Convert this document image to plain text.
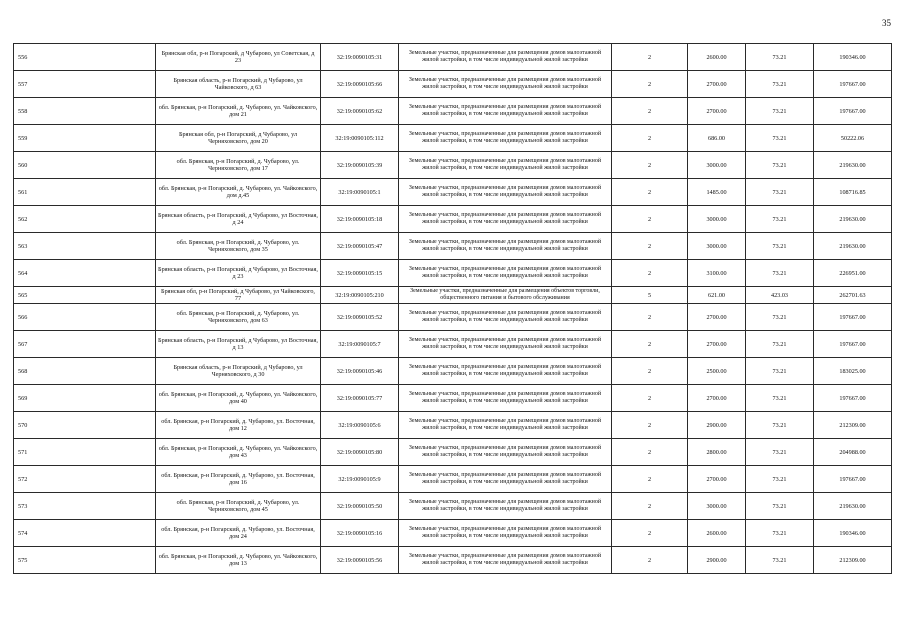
35
556	Брянская обл, р-н Погарский, д Чубарово, ул Советская, д 23	32:19:0090105:31	Земельные участки, предназначенные для размещения домов малоэтажной жилой застройки, в том числе индивидуальной жилой застройки	2	2600.00	73.21	190346.00
557	Брянская область, р-н Погарский, д Чубарово, ул Чайковского, д 63	32:19:0090105:66	Земельные участки, предназначенные для размещения домов малоэтажной жилой застройки, в том числе индивидуальной жилой застройки	2	2700.00	73.21	197667.00
558	обл. Брянская, р-н Погарский, д. Чубарово, ул. Чайковского, дом 21	32:19:0090105:62	Земельные участки, предназначенные для размещения домов малоэтажной жилой застройки, в том числе индивидуальной жилой застройки	2	2700.00	73.21	197667.00
559	Брянская обл, р-н Погарский, д Чубарово, ул Черняховского, дом 20	32:19:0090105:112	Земельные участки, предназначенные для размещения домов малоэтажной жилой застройки, в том числе индивидуальной жилой застройки	2	686.00	73.21	50222.06
560	обл. Брянская, р-н Погарский, д. Чубарово, ул. Черняховского, дом 17	32:19:0090105:39	Земельные участки, предназначенные для размещения домов малоэтажной жилой застройки, в том числе индивидуальной жилой застройки	2	3000.00	73.21	219630.00
561	обл. Брянская, р-н Погарский, д. Чубарово, ул. Чайковского, дом д.45	32:19:0090105:1	Земельные участки, предназначенные для размещения домов малоэтажной жилой застройки, в том числе индивидуальной жилой застройки	2	1485.00	73.21	108716.85
562	Брянская область, р-н Погарский, д Чубарово, ул Восточная, д 24	32:19:0090105:18	Земельные участки, предназначенные для размещения домов малоэтажной жилой застройки, в том числе индивидуальной жилой застройки	2	3000.00	73.21	219630.00
563	обл. Брянская, р-н Погарский, д. Чубарово, ул. Черняховского, дом 35	32:19:0090105:47	Земельные участки, предназначенные для размещения домов малоэтажной жилой застройки, в том числе индивидуальной жилой застройки	2	3000.00	73.21	219630.00
564	Брянская область, р-н Погарский, д Чубарово, ул Восточная, д 23	32:19:0090105:15	Земельные участки, предназначенные для размещения домов малоэтажной жилой застройки, в том числе индивидуальной жилой застройки	2	3100.00	73.21	226951.00
565	Брянская обл, р-н Погарский, д Чубарово, ул Чайковского, 77	32:19:0090105:210	Земельные участки, предназначенные для размещения объектов торговли, общественного питания и бытового обслуживания	5	621.00	423.03	262701.63
566	обл. Брянская, р-н Погарский, д. Чубарово, ул. Черняховского, дом 63	32:19:0090105:52	Земельные участки, предназначенные для размещения домов малоэтажной жилой застройки, в том числе индивидуальной жилой застройки	2	2700.00	73.21	197667.00
567	Брянская область, р-н Погарский, д Чубарово, ул Восточная, д 13	32:19:0090105:7	Земельные участки, предназначенные для размещения домов малоэтажной жилой застройки, в том числе индивидуальной жилой застройки	2	2700.00	73.21	197667.00
568	Брянская область, р-н Погарский, д Чубарово, ул Черняховского, д 30	32:19:0090105:46	Земельные участки, предназначенные для размещения домов малоэтажной жилой застройки, в том числе индивидуальной жилой застройки	2	2500.00	73.21	183025.00
569	обл. Брянская, р-н Погарский, д. Чубарово, ул. Чайковского, дом 40	32:19:0090105:77	Земельные участки, предназначенные для размещения домов малоэтажной жилой застройки, в том числе индивидуальной жилой застройки	2	2700.00	73.21	197667.00
570	обл. Брянская, р-н Погарский, д. Чубарово, ул. Восточная, дом 12	32:19:0090105:6	Земельные участки, предназначенные для размещения домов малоэтажной жилой застройки, в том числе индивидуальной жилой застройки	2	2900.00	73.21	212309.00
571	обл. Брянская, р-н Погарский, д. Чубарово, ул. Чайковского, дом 43	32:19:0090105:80	Земельные участки, предназначенные для размещения домов малоэтажной жилой застройки, в том числе индивидуальной жилой застройки	2	2800.00	73.21	204988.00
572	обл. Брянская, р-н Погарский, д. Чубарово, ул. Восточная, дом 16	32:19:0090105:9	Земельные участки, предназначенные для размещения домов малоэтажной жилой застройки, в том числе индивидуальной жилой застройки	2	2700.00	73.21	197667.00
573	обл. Брянская, р-н Погарский, д. Чубарово, ул. Черняховского, дом 45	32:19:0090105:50	Земельные участки, предназначенные для размещения домов малоэтажной жилой застройки, в том числе индивидуальной жилой застройки	2	3000.00	73.21	219630.00
574	обл. Брянская, р-н Погарский, д. Чубарово, ул. Восточная, дом 24	32:19:0090105:16	Земельные участки, предназначенные для размещения домов малоэтажной жилой застройки, в том числе индивидуальной жилой застройки	2	2600.00	73.21	190346.00
575	обл. Брянская, р-н Погарский, д. Чубарово, ул. Чайковского, дом 13	32:19:0090105:56	Земельные участки, предназначенные для размещения домов малоэтажной жилой застройки, в том числе индивидуальной жилой застройки	2	2900.00	73.21	212309.00
